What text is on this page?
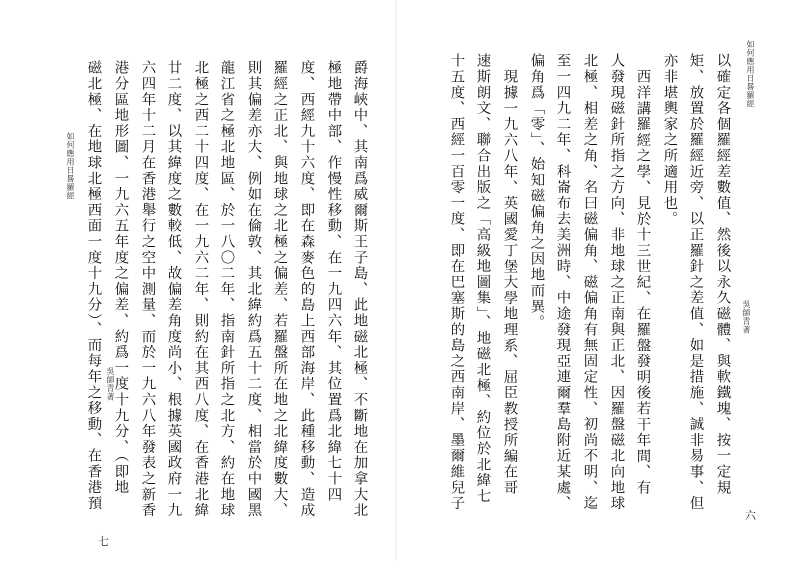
如何應用日晷羅經
吳師青著
七
爵海峽中、其南爲威爾斯王子島、此地磁北極、不斷地在加拿大北
極地帶中部、作慢性移動、在一九四六年、其位置爲北緯七十四
度、西經九十六度、即在森麥色的島上西部海岸、此種移動、造成
羅經之正北、與地球之北極之偏差、若羅盤所在地之北緯度數大、
則其偏差亦大、例如在倫敦、其北緯約爲五十二度、相當於中國黑
龍江省之極北地區、於一八〇二年、指南針所指之北方、約在地球
北極之西二十四度、在一九六二年、則約在其西八度、在香港北緯
廿二度、以其緯度之數較低、故偏差角度尚小、根據英國政府一九
六四年十二月在香港舉行之空中測量、而於一九六八年發表之新香
港分區地形圖、一九六五年度之偏差、約爲一度十九分、（即地
磁北極、在地球北極西面一度十九分）、而每年之移動、在香港預	如何應用日晷羅經
吳師青著
六
以確定各個羅經差數值、然後以永久磁體、與軟鐵塊、按一定規
矩、放置於羅經近旁、以正羅針之差值、如是措施、誠非易事、但
亦非堪輿家之所適用也。
西洋講羅經之學、見於十三世紀、在羅盤發明後若干年間、有
人發現磁針所指之方向、非地球之正南與正北、因羅盤磁北向地球
北極、相差之角、名曰磁偏角、磁偏角有無固定性、初尚不明、迄
至一四九二年、科崙布去美洲時、中途發現亞連爾羣島附近某處、
偏角爲「零」、始知磁偏角之因地而異。
現據一九六八年、英國愛丁堡大學地理系、屈臣教授所編在哥
速斯朗文、聯合出版之「高級地圖集」、地磁北極、約位於北緯七
十五度、西經一百零一度、即在巴塞斯的島之西南岸、墨爾維兒子
